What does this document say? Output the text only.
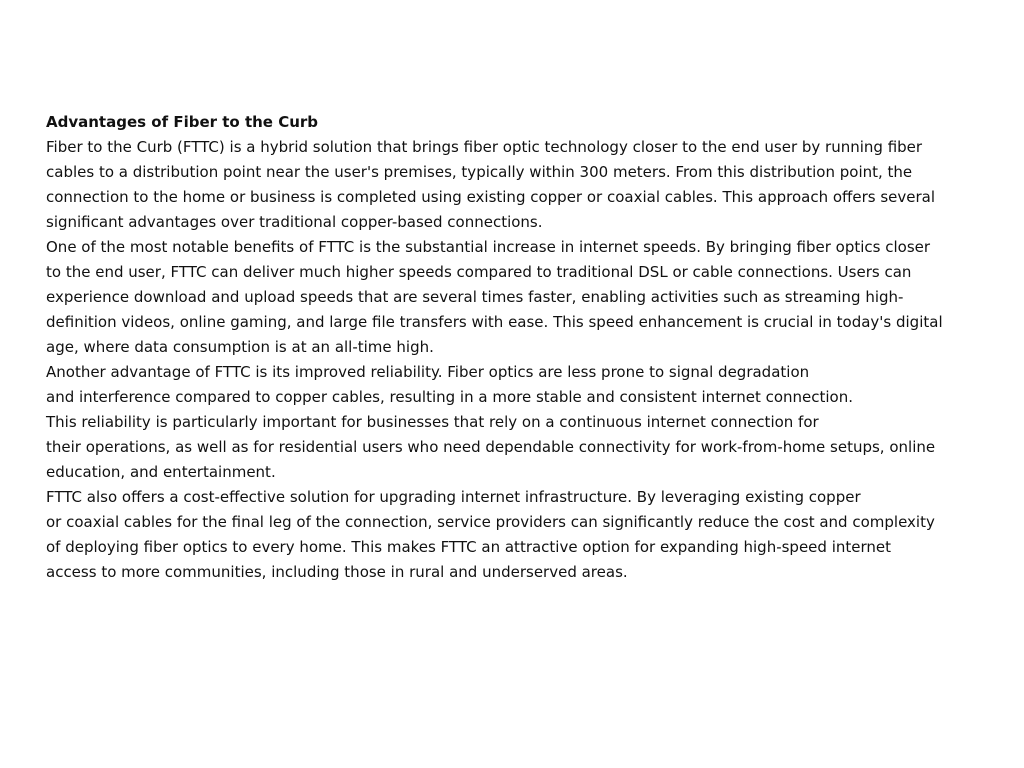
Advantages of Fiber to the Curb
Fiber to the Curb (FTTC) is a hybrid solution that brings fiber optic technology closer to the end user by running fiber
cables to a distribution point near the user's premises, typically within 300 meters. From this distribution point, the
connection to the home or business is completed using existing copper or coaxial cables. This approach offers several
significant advantages over traditional copper-based connections.
One of the most notable benefits of FTTC is the substantial increase in internet speeds. By bringing fiber optics closer
to the end user, FTTC can deliver much higher speeds compared to traditional DSL or cable connections. Users can
experience download and upload speeds that are several times faster, enabling activities such as streaming high-
definition videos, online gaming, and large file transfers with ease. This speed enhancement is crucial in today's digital
age, where data consumption is at an all-time high.
Another advantage of FTTC is its improved reliability. Fiber optics are less prone to signal degradation
and interference compared to copper cables, resulting in a more stable and consistent internet connection.
This reliability is particularly important for businesses that rely on a continuous internet connection for
their operations, as well as for residential users who need dependable connectivity for work-from-home setups, online
education, and entertainment.
FTTC also offers a cost-effective solution for upgrading internet infrastructure. By leveraging existing copper
or coaxial cables for the final leg of the connection, service providers can significantly reduce the cost and complexity
of deploying fiber optics to every home. This makes FTTC an attractive option for expanding high-speed internet
access to more communities, including those in rural and underserved areas.
